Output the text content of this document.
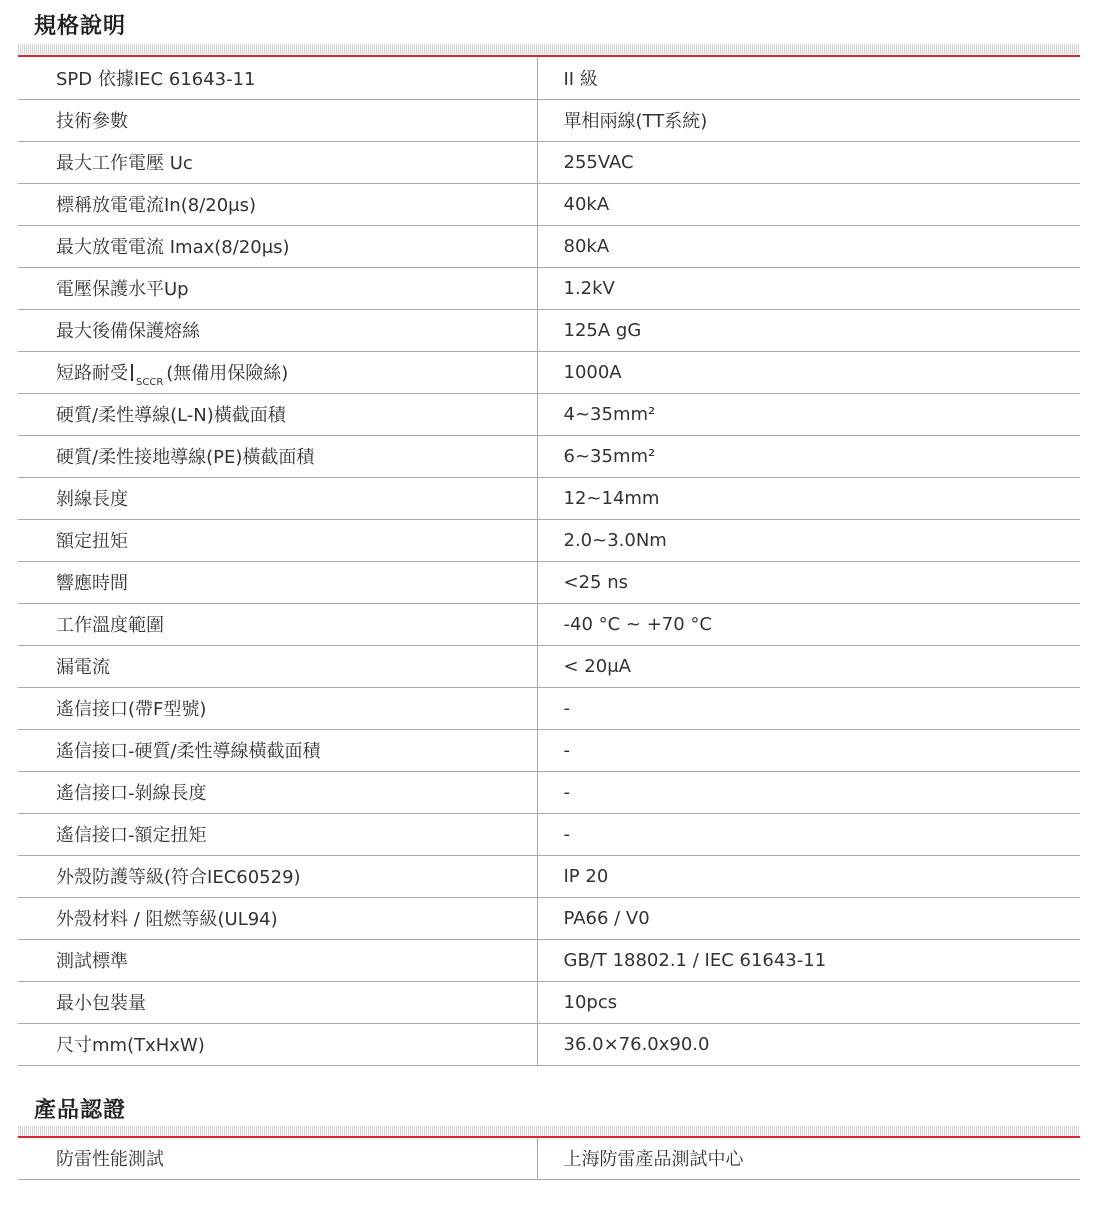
規格說明
SPD 依據IEC 61643-11	II 級
技術參數	單相兩線(TT系統)
最大工作電壓 Uc	255VAC
標稱放電電流In(8/20μs)	40kA
最大放電電流 Imax(8/20μs)	80kA
電壓保護水平Up	1.2kV
最大後備保護熔絲	125A gG
短路耐受 $_{SCCR}$ (無備用保險絲)	1000A
硬質/柔性導線(L-N)橫截面積	4~35mm²
硬質/柔性接地導線(PE)橫截面積	6~35mm²
剝線長度	12~14mm
額定扭矩	2.0~3.0Nm
響應時間	<25 ns
工作溫度範圍	-40 °C ~ +70 °C
漏電流	< 20μA
遙信接口(帶F型號)	-
遙信接口-硬質/柔性導線橫截面積	-
遙信接口-剝線長度	-
遙信接口-額定扭矩	-
外殼防護等級(符合IEC60529)	IP 20
外殼材料 / 阻燃等級(UL94)	PA66 / V0
測試標準	GB/T 18802.1 / IEC 61643-11
最小包裝量	10pcs
尺寸mm(TxHxW)	36.0×76.0x90.0
產品認證
防雷性能測試	上海防雷產品測試中心
